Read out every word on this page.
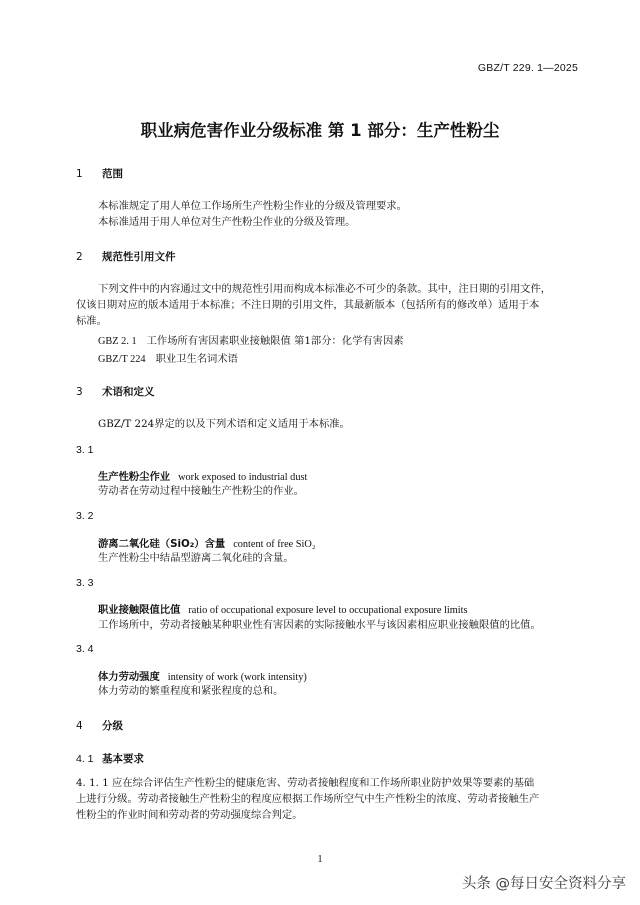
GBZ/T 229. 1—2025
职业病危害作业分级标准 第 1 部分：生产性粉尘
1 范围
本标准规定了用人单位工作场所生产性粉尘作业的分级及管理要求。
本标准适用于用人单位对生产性粉尘作业的分级及管理。
2 规范性引用文件
下列文件中的内容通过文中的规范性引用而构成本标准必不可少的条款。其中，注日期的引用文件，
仅该日期对应的版本适用于本标准；不注日期的引用文件，其最新版本（包括所有的修改单）适用于本
标准。
GBZ 2. 1 工作场所有害因素职业接触限值 第1部分：化学有害因素
GBZ/T 224 职业卫生名词术语
3 术语和定义
GBZ/T 224界定的以及下列术语和定义适用于本标准。
3. 1
生产性粉尘作业 work exposed to industrial dust
劳动者在劳动过程中接触生产性粉尘的作业。
3. 2
游离二氧化硅（SiO₂）含量 content of free SiO₂
生产性粉尘中结晶型游离二氧化硅的含量。
3. 3
职业接触限值比值 ratio of occupational exposure level to occupational exposure limits
工作场所中，劳动者接触某种职业性有害因素的实际接触水平与该因素相应职业接触限值的比值。
3. 4
体力劳动强度 intensity of work (work intensity)
体力劳动的繁重程度和紧张程度的总和。
4 分级
4. 1 基本要求
4. 1. 1 应在综合评估生产性粉尘的健康危害、劳动者接触程度和工作场所职业防护效果等要素的基础
上进行分级。劳动者接触生产性粉尘的程度应根据工作场所空气中生产性粉尘的浓度、劳动者接触生产
性粉尘的作业时间和劳动者的劳动强度综合判定。
1
头条 @每日安全资料分享
